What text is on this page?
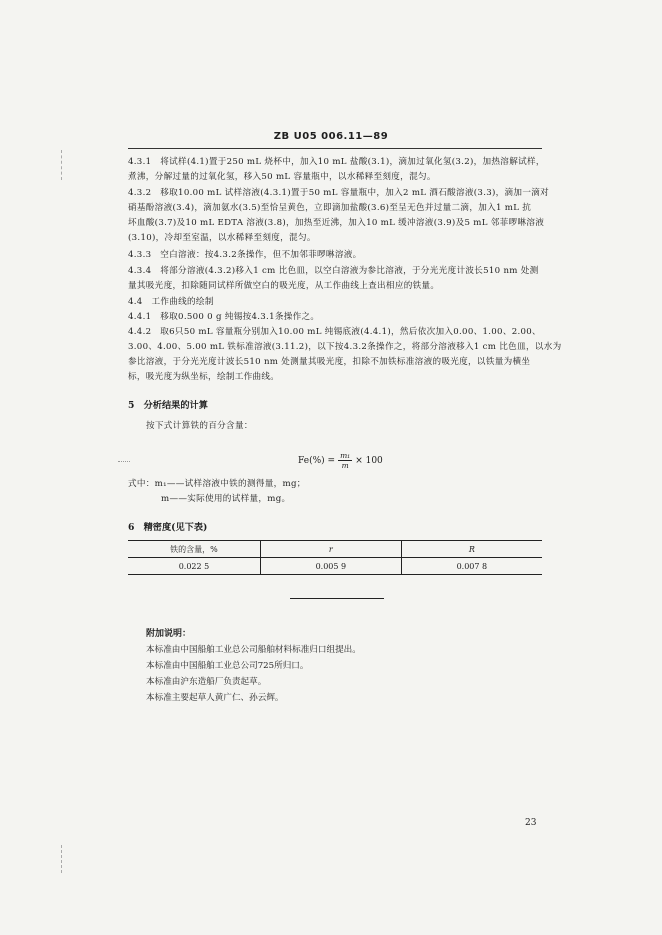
ZB U05 006.11—89
4.3.1　将试样(4.1)置于250 mL 烧杯中，加入10 mL 盐酸(3.1)，滴加过氧化氢(3.2)，加热溶解试样，
煮沸，分解过量的过氧化氢，移入50 mL 容量瓶中，以水稀释至刻度，混匀。
4.3.2　移取10.00 mL 试样溶液(4.3.1)置于50 mL 容量瓶中，加入2 mL 酒石酸溶液(3.3)，滴加一滴对
硝基酚溶液(3.4)，滴加氨水(3.5)至恰呈黄色，立即滴加盐酸(3.6)至呈无色并过量二滴，加入1 mL 抗
坏血酸(3.7)及10 mL EDTA 溶液(3.8)，加热至近沸，加入10 mL 缓冲溶液(3.9)及5 mL 邻菲啰啉溶液
(3.10)，冷却至室温，以水稀释至刻度，混匀。
4.3.3　空白溶液：按4.3.2条操作，但不加邻菲啰啉溶液。
4.3.4　将部分溶液(4.3.2)移入1 cm 比色皿，以空白溶液为参比溶液，于分光光度计波长510 nm 处测
量其吸光度，扣除随同试样所做空白的吸光度，从工作曲线上查出相应的铁量。
4.4　工作曲线的绘制
4.4.1　移取0.500 0 g 纯锡按4.3.1条操作之。
4.4.2　取6只50 mL 容量瓶分别加入10.00 mL 纯锡底液(4.4.1)，然后依次加入0.00、1.00、2.00、
3.00、4.00、5.00 mL 铁标准溶液(3.11.2)，以下按4.3.2条操作之，将部分溶液移入1 cm 比色皿，以水为
参比溶液，于分光光度计波长510 nm 处测量其吸光度，扣除不加铁标准溶液的吸光度，以铁量为横坐
标，吸光度为纵坐标，绘制工作曲线。
5　分析结果的计算
按下式计算铁的百分含量：
$Fe(\%) = \frac{\text{m₁}}{m} \times 100$
式中：m₁——试样溶液中铁的测得量，mg；
m——实际使用的试样量，mg。
6　精密度(见下表)
铁的含量，%	r	R
0.022 5	0.005 9	0.007 8
附加说明：
本标准由中国船舶工业总公司船舶材料标准归口组提出。
本标准由中国船舶工业总公司725所归口。
本标准由沪东造船厂负责起草。
本标准主要起草人黄广仁、孙云辉。
23
